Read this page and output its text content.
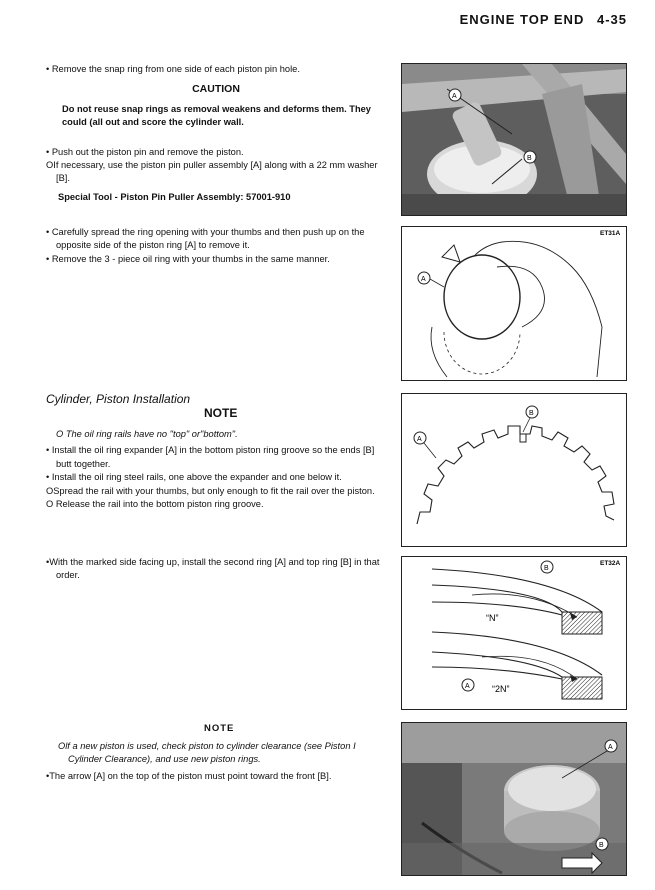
ENGINE TOP END 4-35
• Remove the snap ring from one side of each piston pin hole.
CAUTION
Do not reuse snap rings as removal weakens and deforms them. They could (all out and score the cylinder wall.
• Push out the piston pin and remove the piston.
OIf necessary, use the piston pin puller assembly [A] along with a 22 mm washer [B].
Special Tool - Piston Pin Puller Assembly: 57001-910
• Carefully spread the ring opening with your thumbs and then push up on the opposite side of the piston ring [A] to remove it.
• Remove the 3 - piece oil ring with your thumbs in the same manner.
Cylinder, Piston Installation
NOTE
O The oil ring rails have no "top" or"bottom".
• Install the oil ring expander [A] in the bottom piston ring groove so the ends [B] butt together.
• Install the oil ring steel rails, one above the expander and one below it.
OSpread the rail with your thumbs, but only enough to fit the rail over the piston.
O Release the rail into the bottom piston ring groove.
•With the marked side facing up, install the second ring [A] and top ring [B] in that order.
NOTE
Olf a new piston is used, check piston to cylinder clearance (see Piston I Cylinder Clearance), and use new piston rings.
•The arrow [A] on the top of the piston must point toward the front [B].
A
B
ET31A
A
B
A
ET32A
B
A
“N”
“2N”
A
B
